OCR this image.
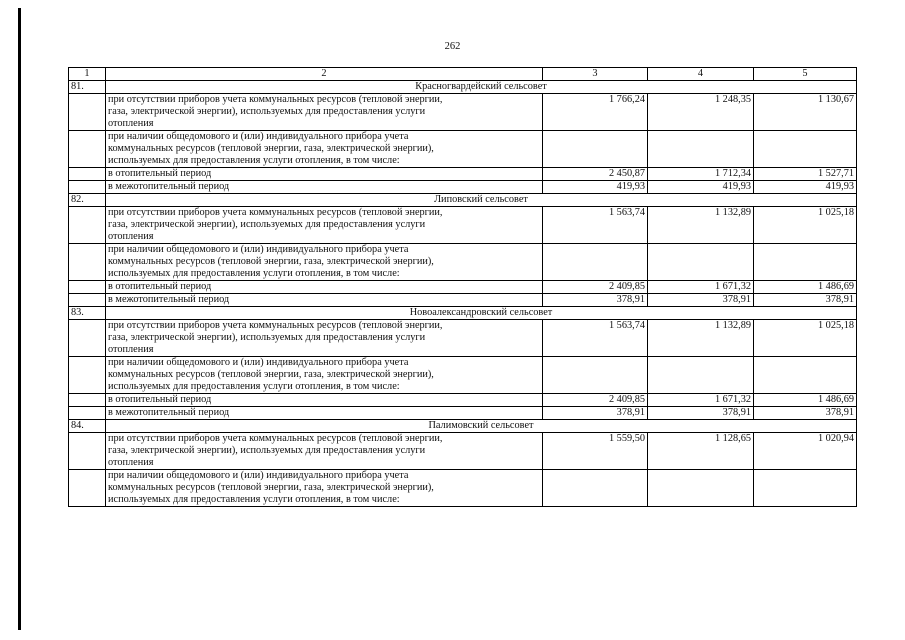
262
1	2	3	4	5
81.	Красногвардейский сельсовет			
	при отсутствии приборов учета коммунальных ресурсов (тепловой энергии,
газа, электрической энергии), используемых для предоставления услуги
отопления	1 766,24	1 248,35	1 130,67
	при наличии общедомового и (или) индивидуального прибора учета
коммунальных ресурсов (тепловой энергии, газа, электрической энергии),
используемых для предоставления услуги отопления, в том числе:			
	в отопительный период	2 450,87	1 712,34	1 527,71
	в межотопительный период	419,93	419,93	419,93
82.	Липовский сельсовет			
	при отсутствии приборов учета коммунальных ресурсов (тепловой энергии,
газа, электрической энергии), используемых для предоставления услуги
отопления	1 563,74	1 132,89	1 025,18
	при наличии общедомового и (или) индивидуального прибора учета
коммунальных ресурсов (тепловой энергии, газа, электрической энергии),
используемых для предоставления услуги отопления, в том числе:			
	в отопительный период	2 409,85	1 671,32	1 486,69
	в межотопительный период	378,91	378,91	378,91
83.	Новоалександровский сельсовет			
	при отсутствии приборов учета коммунальных ресурсов (тепловой энергии,
газа, электрической энергии), используемых для предоставления услуги
отопления	1 563,74	1 132,89	1 025,18
	при наличии общедомового и (или) индивидуального прибора учета
коммунальных ресурсов (тепловой энергии, газа, электрической энергии),
используемых для предоставления услуги отопления, в том числе:			
	в отопительный период	2 409,85	1 671,32	1 486,69
	в межотопительный период	378,91	378,91	378,91
84.	Палимовский сельсовет			
	при отсутствии приборов учета коммунальных ресурсов (тепловой энергии,
газа, электрической энергии), используемых для предоставления услуги
отопления	1 559,50	1 128,65	1 020,94
	при наличии общедомового и (или) индивидуального прибора учета
коммунальных ресурсов (тепловой энергии, газа, электрической энергии),
используемых для предоставления услуги отопления, в том числе:			
